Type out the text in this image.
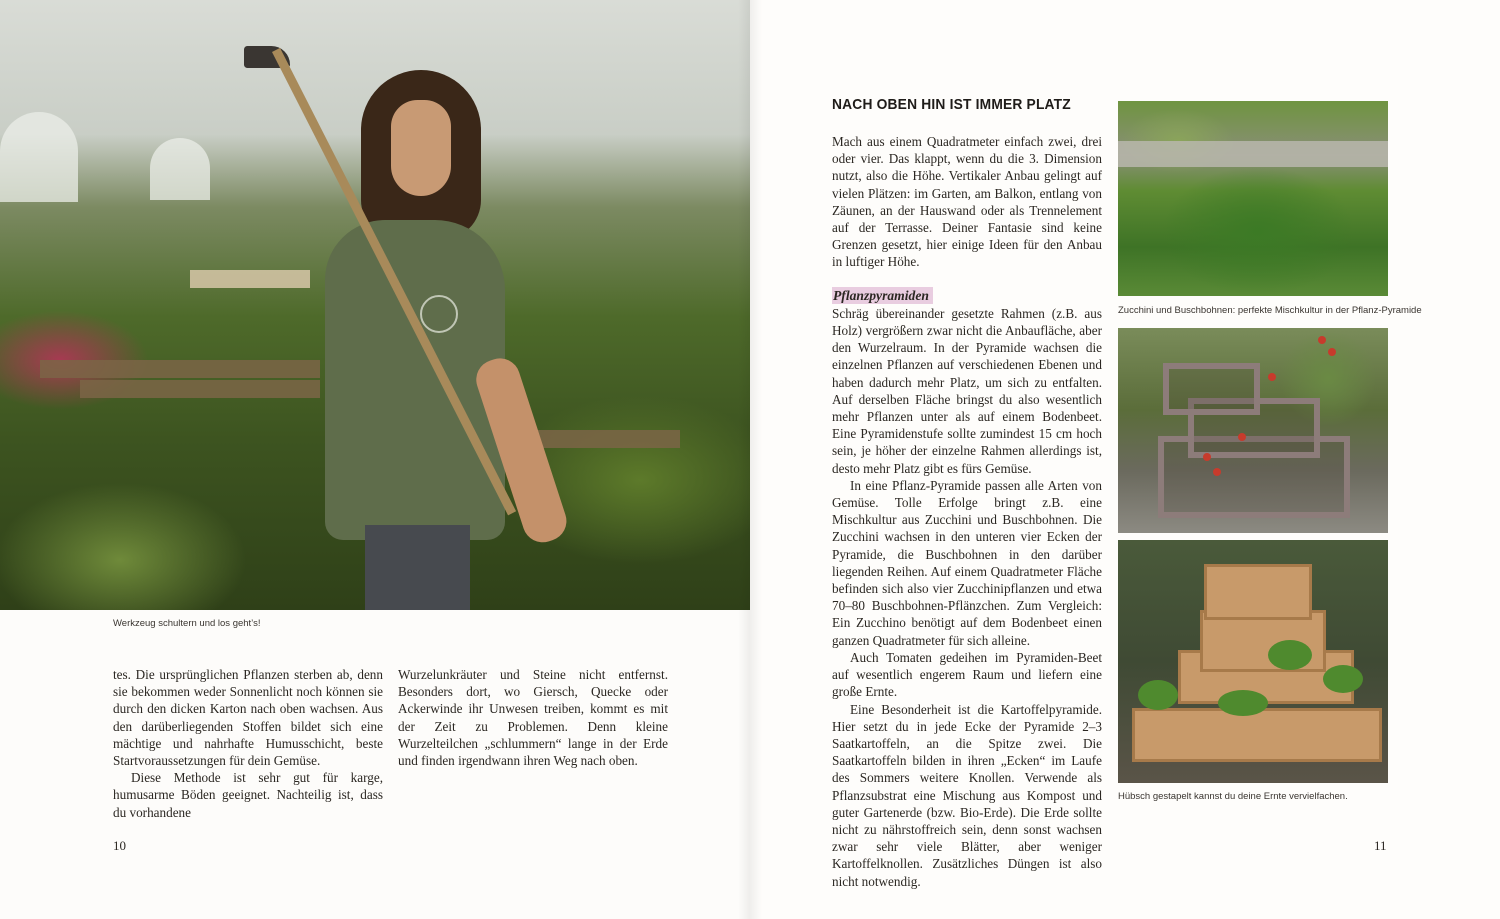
Werkzeug schultern und los geht’s!

tes. Die ursprünglichen Pflanzen sterben ab, denn sie bekommen weder Sonnenlicht noch können sie durch den dicken Karton nach oben wachsen. Aus den darüberliegenden Stoffen bildet sich eine mächtige und nahrhafte Humusschicht, beste Startvoraussetzungen für dein Gemüse.

Diese Methode ist sehr gut für karge, humusarme Böden geeignet. Nachteilig ist, dass du vorhandene

Wurzelunkräuter und Steine nicht entfernst. Besonders dort, wo Giersch, Quecke oder Ackerwinde ihr Unwesen treiben, kommt es mit der Zeit zu Problemen. Denn kleine Wurzelteilchen „schlummern“ lange in der Erde und finden irgendwann ihren Weg nach oben.

10
NACH OBEN HIN IST IMMER PLATZ

Mach aus einem Quadratmeter einfach zwei, drei oder vier. Das klappt, wenn du die 3. Dimension nutzt, also die Höhe. Vertikaler Anbau gelingt auf vielen Plätzen: im Garten, am Balkon, entlang von Zäunen, an der Hauswand oder als Trennelement auf der Terrasse. Deiner Fantasie sind keine Grenzen gesetzt, hier einige Ideen für den Anbau in luftiger Höhe.

Pflanzpyramiden

Schräg übereinander gesetzte Rahmen (z.B. aus Holz) vergrößern zwar nicht die Anbaufläche, aber den Wurzelraum. In der Pyramide wachsen die einzelnen Pflanzen auf verschiedenen Ebenen und haben dadurch mehr Platz, um sich zu entfalten. Auf derselben Fläche bringst du also wesentlich mehr Pflanzen unter als auf einem Bodenbeet. Eine Pyramidenstufe sollte zumindest 15 cm hoch sein, je höher der einzelne Rahmen allerdings ist, desto mehr Platz gibt es fürs Gemüse.

In eine Pflanz-Pyramide passen alle Arten von Gemüse. Tolle Erfolge bringt z.B. eine Mischkultur aus Zucchini und Buschbohnen. Die Zucchini wachsen in den unteren vier Ecken der Pyramide, die Buschbohnen in den darüber liegenden Reihen. Auf einem Quadratmeter Fläche befinden sich also vier Zucchinipflanzen und etwa 70–80 Buschbohnen-Pflänzchen. Zum Vergleich: Ein Zucchino benötigt auf dem Bodenbeet einen ganzen Quadratmeter für sich alleine.

Auch Tomaten gedeihen im Pyramiden-Beet auf wesentlich engerem Raum und liefern eine große Ernte.

Eine Besonderheit ist die Kartoffelpyramide. Hier setzt du in jede Ecke der Pyramide 2–3 Saatkartoffeln, an die Spitze zwei. Die Saatkartoffeln bilden in ihren „Ecken“ im Laufe des Sommers weitere Knollen. Verwende als Pflanzsubstrat eine Mischung aus Kompost und guter Gartenerde (bzw. Bio-Erde). Die Erde sollte nicht zu nährstoffreich sein, denn sonst wachsen zwar sehr viele Blätter, aber weniger Kartoffelknollen. Zusätzliches Düngen ist also nicht notwendig.

Zucchini und Buschbohnen: perfekte Mischkultur in der Pflanz-Pyramide
Hübsch gestapelt kannst du deine Ernte vervielfachen.
11
